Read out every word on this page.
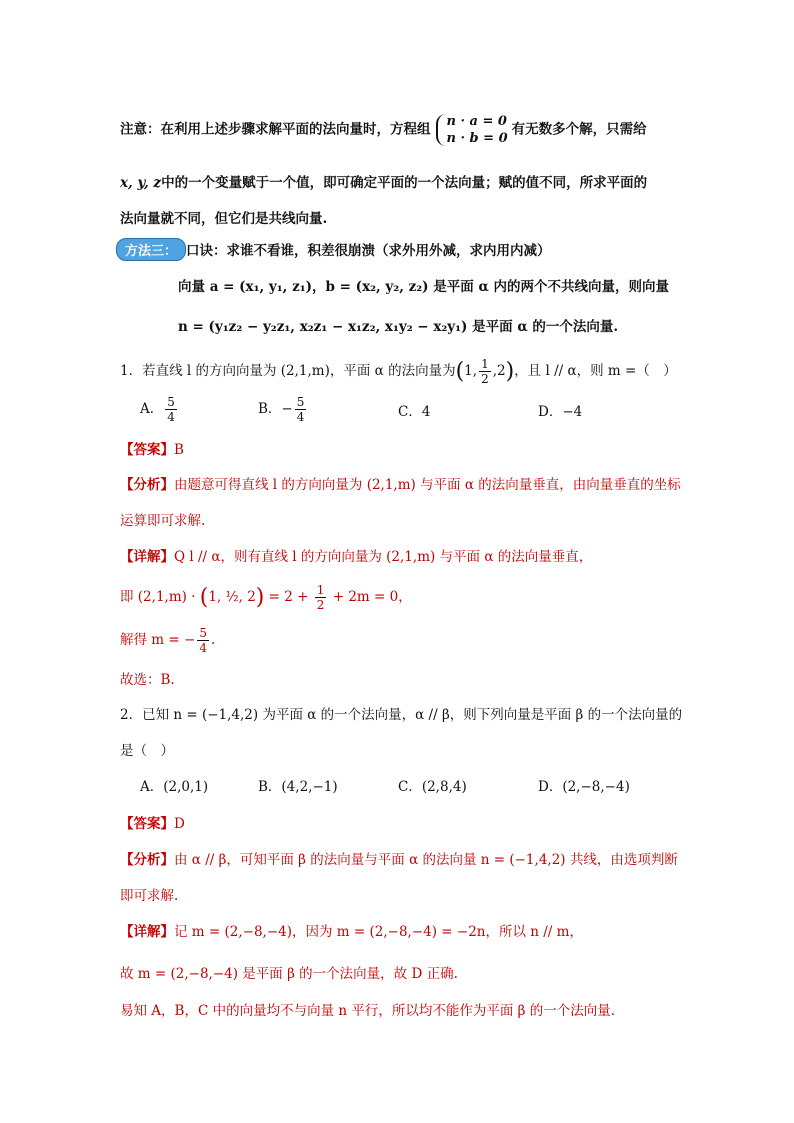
注意：在利用上述步骤求解平面的法向量时，方程组 n · a = 0
n · b = 0
有无数多个解，只需给
x, y, z中的一个变量赋于一个值，即可确定平面的一个法向量；赋的值不同，所求平面的
法向量就不同，但它们是共线向量.
方法三： 口诀：求谁不看谁，积差很崩溃（求外用外减，求内用内减）
向量 a = (x₁, y₁, z₁)，b = (x₂, y₂, z₂) 是平面 α 内的两个不共线向量，则向量
n = (y₁z₂ − y₂z₁, x₂z₁ − x₁z₂, x₁y₂ − x₂y₁) 是平面 α 的一个法向量.
1．若直线 l 的方向向量为 (2,1,m)，平面 α 的法向量为(1, $\frac{1}{2} ,2$)，且 l // α，则 m =（　）
A． $\frac{5}{4}$	B．− $\frac{5}{4}$	C．4	D．−4
【答案】B
【分析】由题意可得直线 l 的方向向量为 (2,1,m) 与平面 α 的法向量垂直，由向量垂直的坐标
运算即可求解.
【详解】Q l // α，则有直线 l 的方向向量为 (2,1,m) 与平面 α 的法向量垂直，
即 (2,1,m) · (1, ½, $2) = 2 + \frac{1}{2} + 2m = 0$，
解得 m = − $\frac{5}{4}$ .
故选：B.
2．已知 n = (−1,4,2) 为平面 α 的一个法向量，α // β，则下列向量是平面 β 的一个法向量的
是（　）
A．(2,0,1)	B．(4,2,−1)	C．(2,8,4)	D．(2,−8,−4)
【答案】D
【分析】由 α // β，可知平面 β 的法向量与平面 α 的法向量 n = (−1,4,2) 共线，由选项判断
即可求解.
【详解】记 m = (2,−8,−4)，因为 m = (2,−8,−4) = −2n，所以 n // m，
故 m = (2,−8,−4) 是平面 β 的一个法向量，故 D 正确.
易知 A，B，C 中的向量均不与向量 n 平行，所以均不能作为平面 β 的一个法向量.
